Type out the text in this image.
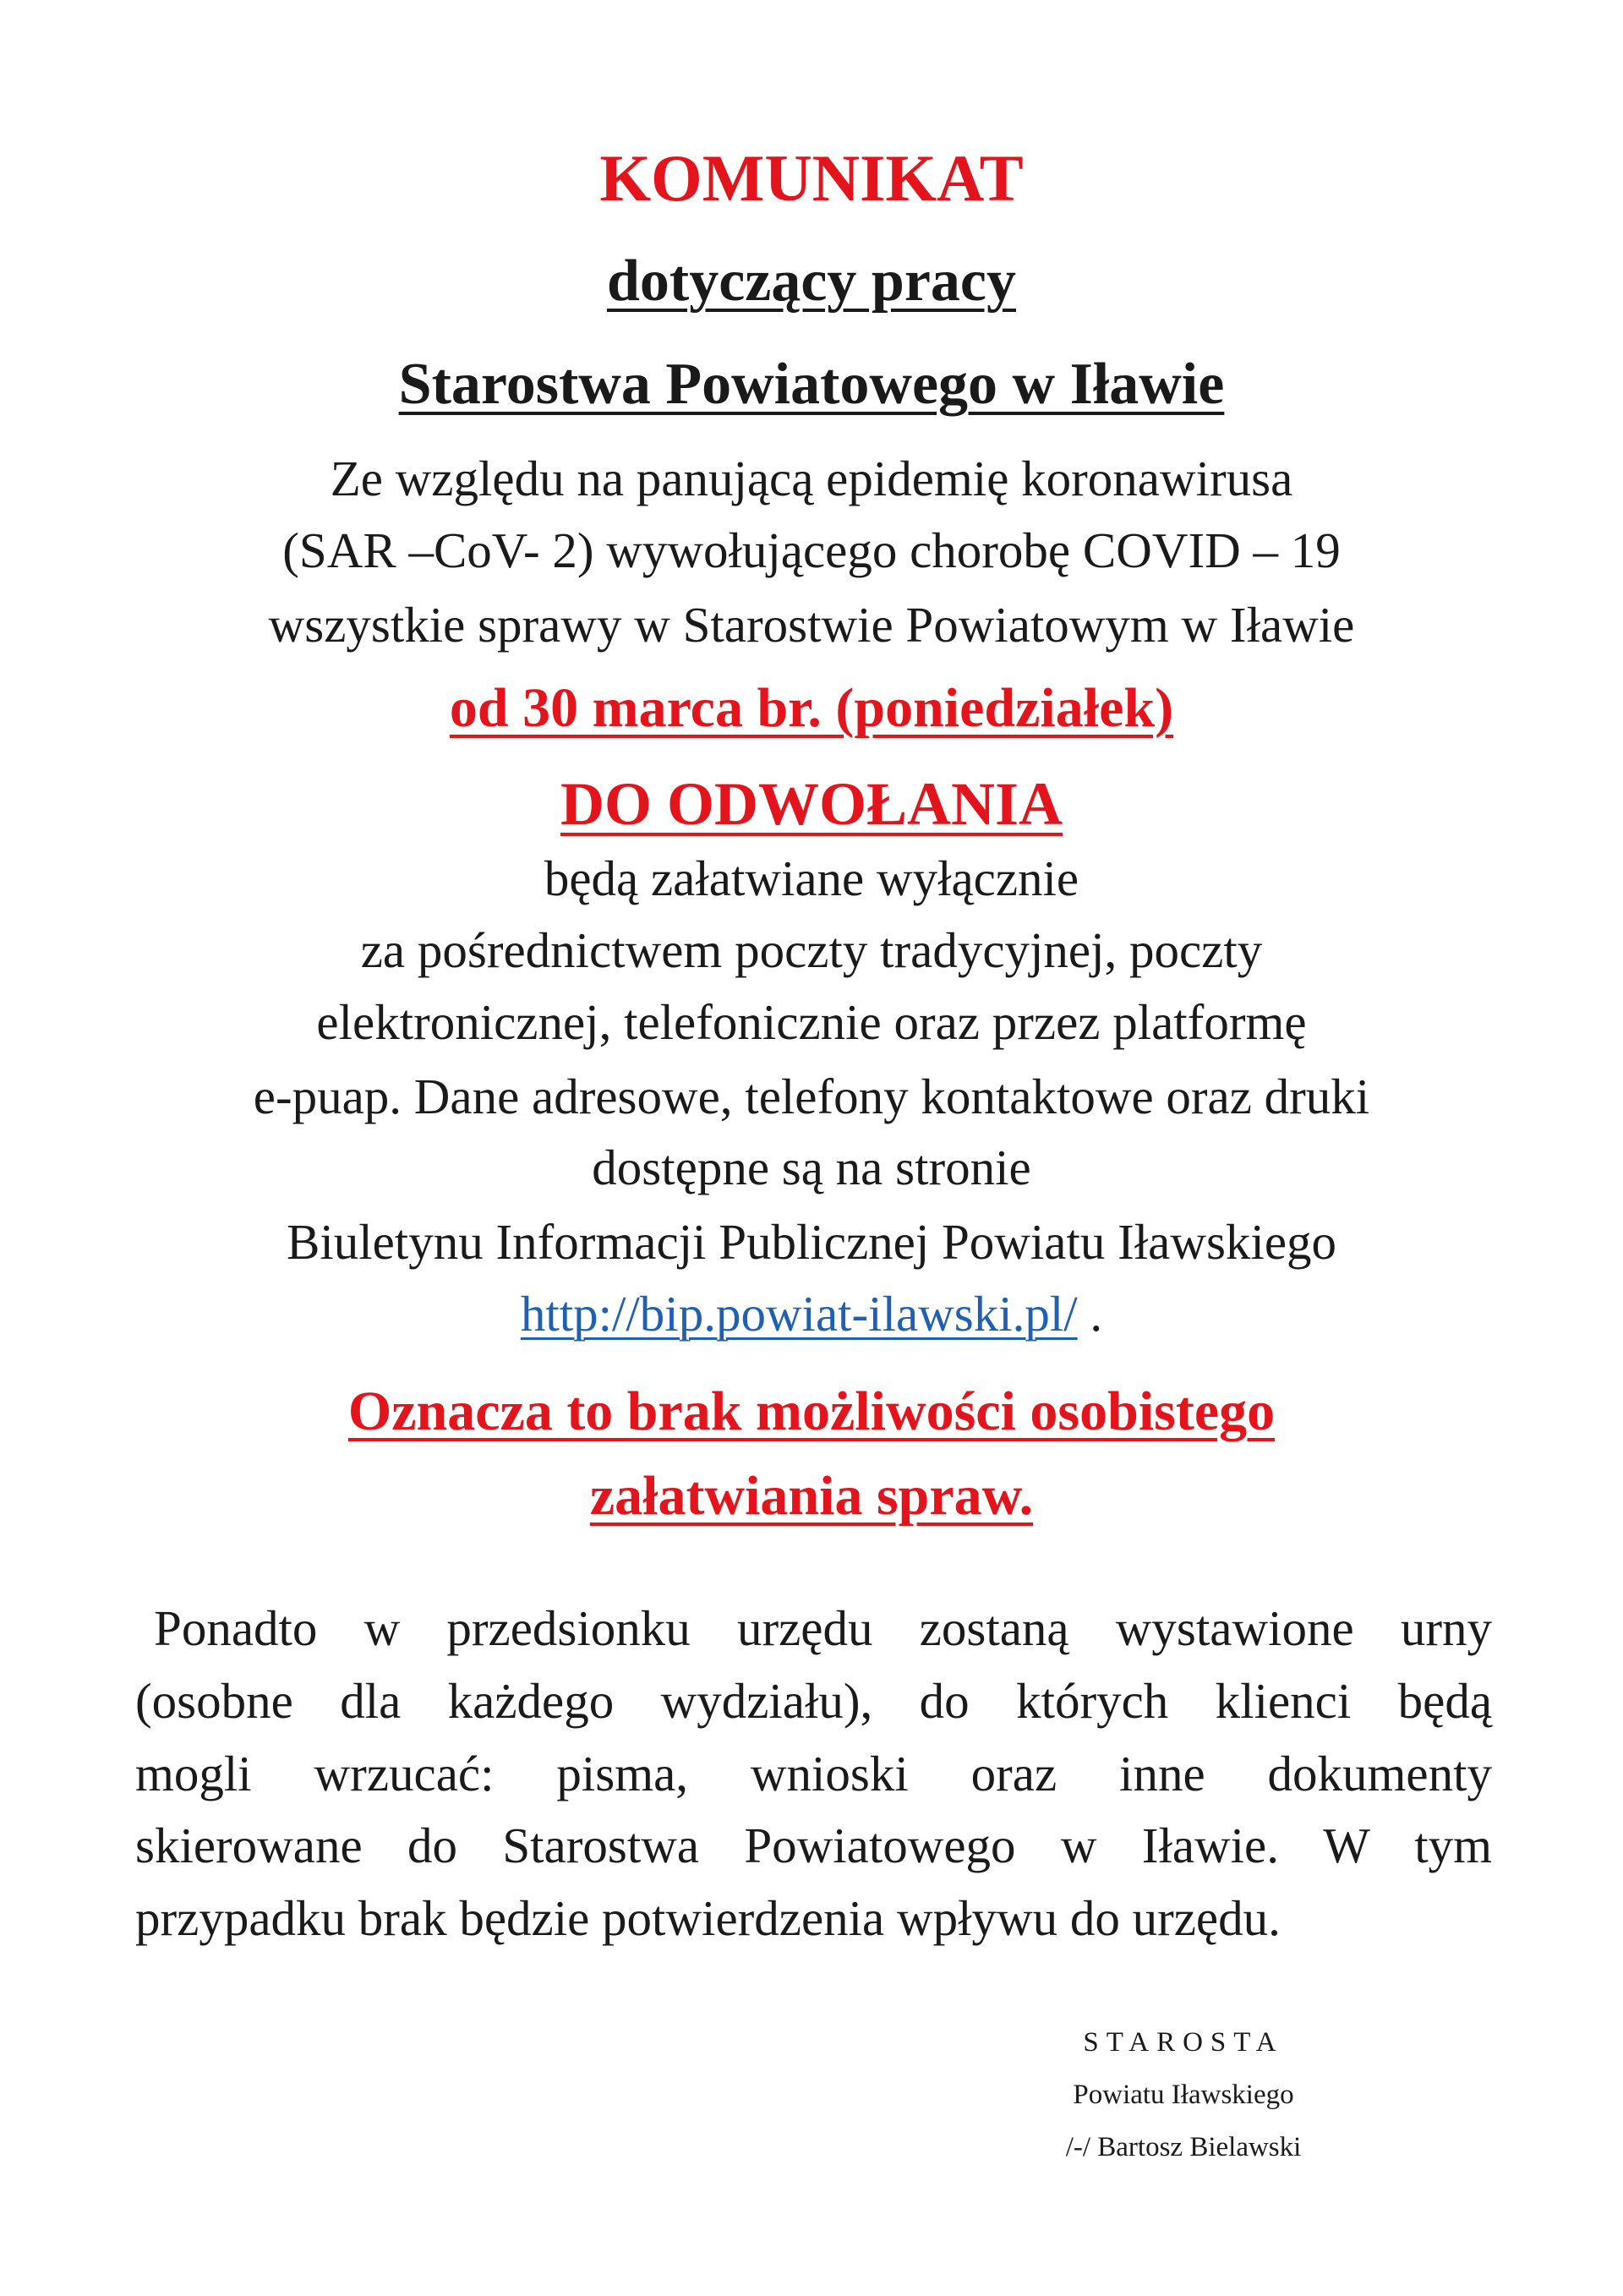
KOMUNIKAT
dotyczący pracy
Starostwa Powiatowego w Iławie
Ze względu na panującą epidemię koronawirusa
(SAR –CoV- 2) wywołującego chorobę COVID – 19
wszystkie sprawy w Starostwie Powiatowym w Iławie
od 30 marca br. (poniedziałek)
DO ODWOŁANIA
będą załatwiane wyłącznie
za pośrednictwem poczty tradycyjnej, poczty
elektronicznej, telefonicznie oraz przez platformę
e-puap. Dane adresowe, telefony kontaktowe oraz druki
dostępne są na stronie
Biuletynu Informacji Publicznej Powiatu Iławskiego
http://bip.powiat-ilawski.pl/ .
Oznacza to brak możliwości osobistego
załatwiania spraw.
Ponadto w przedsionku urzędu zostaną wystawione urny
(osobne dla każdego wydziału), do których klienci będą
mogli wrzucać: pisma, wnioski oraz inne dokumenty
skierowane do Starostwa Powiatowego w Iławie. W tym
przypadku brak będzie potwierdzenia wpływu do urzędu.
STAROSTA
Powiatu Iławskiego
/-/ Bartosz Bielawski
